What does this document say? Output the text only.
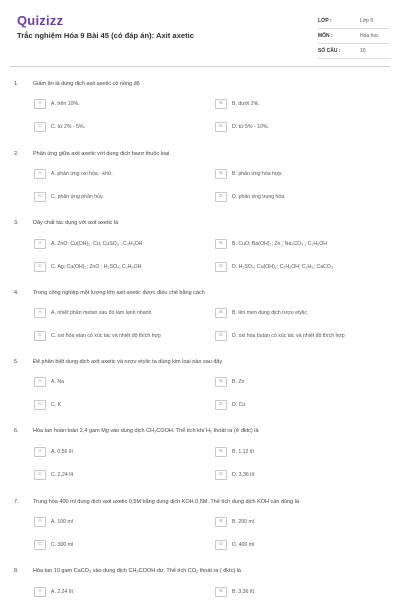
Quizizz
Trắc nghiệm Hóa 9 Bài 45 (có đáp án): Axit axetic
LỚP :	Lớp 9
MÔN :	Hóa học
SỐ CÂU :	10
1.	Giấm ăn là dung dịch axit axetic có nồng độ
A	A. trên 10%.	B	B. dưới 2%.
C	C. từ 2% - 5%.	D	D. từ 5% - 10%.
2.	Phản ứng giữa axit axetic với dung dịch bazơ thuộc loại
A	A. phản ứng oxi hóa - khử.	B	B. phản ứng hóa hợp.
C	C. phản ứng phân hủy.	D	D. phản ứng trung hòa.
3.	Dãy chất tác dụng với axit axetic là
A	A. ZnO; Cu(OH)₂; Cu; CuSO₄ ; C₂H₅OH	B	B. CuO; Ba(OH)₂; Zn ; Na₂CO₃ ; C₂H₅OH
C	C. Ag; Cu(OH)₂; ZnO ; H₂SO₄; C₂H₅OH	D	D. H₂SO₄; Cu(OH)₂; C₂H₅OH; C₆H₆; CaCO₃
4.	Trong công nghiệp một lượng lớn axit axetic được điều chế bằng cách
A	A. nhiệt phân metan sau đó làm lạnh nhanh	B	B. lên men dung dịch rượu etylic
C	C. oxi hóa etan có xúc tác và nhiệt độ thích hợp	D	D. oxi hóa butan có xúc tác và nhiệt độ thích hợp
5.	Để phân biệt dung dịch axit axetic và rượu etylic ta dùng kim loại nào sau đây
A	A. Na	B	B. Zn
C	C. K	D	D. Cu
6.	Hòa tan hoàn toàn 2,4 gam Mg vào dung dịch CH₃COOH. Thể tích khí H₂ thoát ra (ở đktc) là
A	A. 0,56 lít	B	B. 1,12 lít
C	C. 2,24 lít	D	D. 3,36 lít
7.	Trung hòa 400 ml dung dịch axit axetic 0,5M bằng dung dịch KOH 0,5M. Thể tích dung dịch KOH cần dùng là
A	A. 100 ml	B	B. 200 ml
C	C. 300 ml	D	D. 400 ml
8.	Hòa tan 10 gam CaCO₃ vào dung dịch CH₃COOH dư. Thể tích CO₂ thoát ra ( đktc) là
A	A. 2,24 lít	B	B. 3,36 lít
